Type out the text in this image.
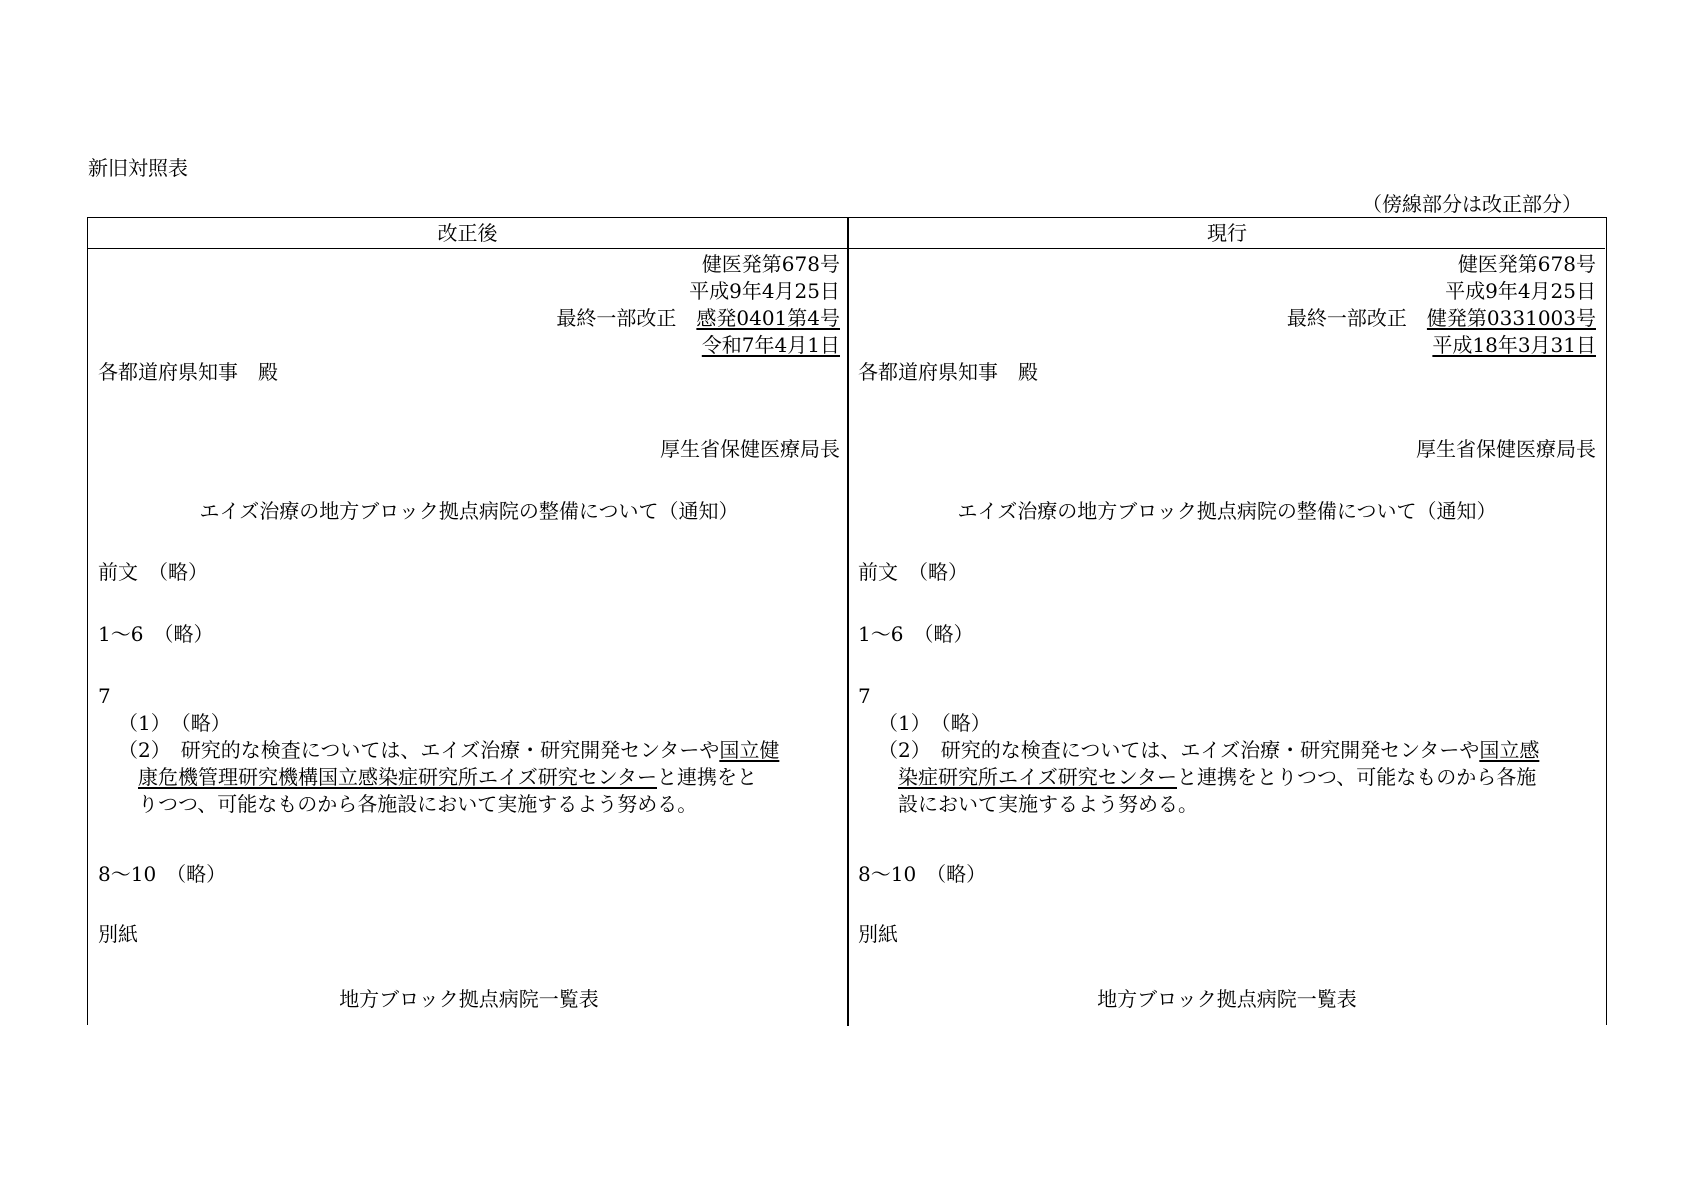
新旧対照表
（傍線部分は改正部分）
改正後	現行
健医発第678号
平成9年4月25日
最終一部改正　 感発0401第4号
令和7年4月1日
各都道府県知事　殿
厚生省保健医療局長
エイズ治療の地方ブロック拠点病院の整備について（通知）
前文　（略）
1～6　（略）
7
（1）　（略）
（2）　研究的な検査については、エイズ治療・研究開発センターや国立健
康危機管理研究機構国立感染症研究所エイズ研究センターと連携をと
りつつ、可能なものから各施設において実施するよう努める。
8～10　（略）
別紙
地方ブロック拠点病院一覧表
健医発第678号
平成9年4月25日
最終一部改正　 健発第0331003号
平成18年3月31日
各都道府県知事　殿
厚生省保健医療局長
エイズ治療の地方ブロック拠点病院の整備について（通知）
前文　（略）
1～6　（略）
7
（1）　（略）
（2）　研究的な検査については、エイズ治療・研究開発センターや国立感
染症研究所エイズ研究センターと連携をとりつつ、可能なものから各施
設において実施するよう努める。
8～10　（略）
別紙
地方ブロック拠点病院一覧表
